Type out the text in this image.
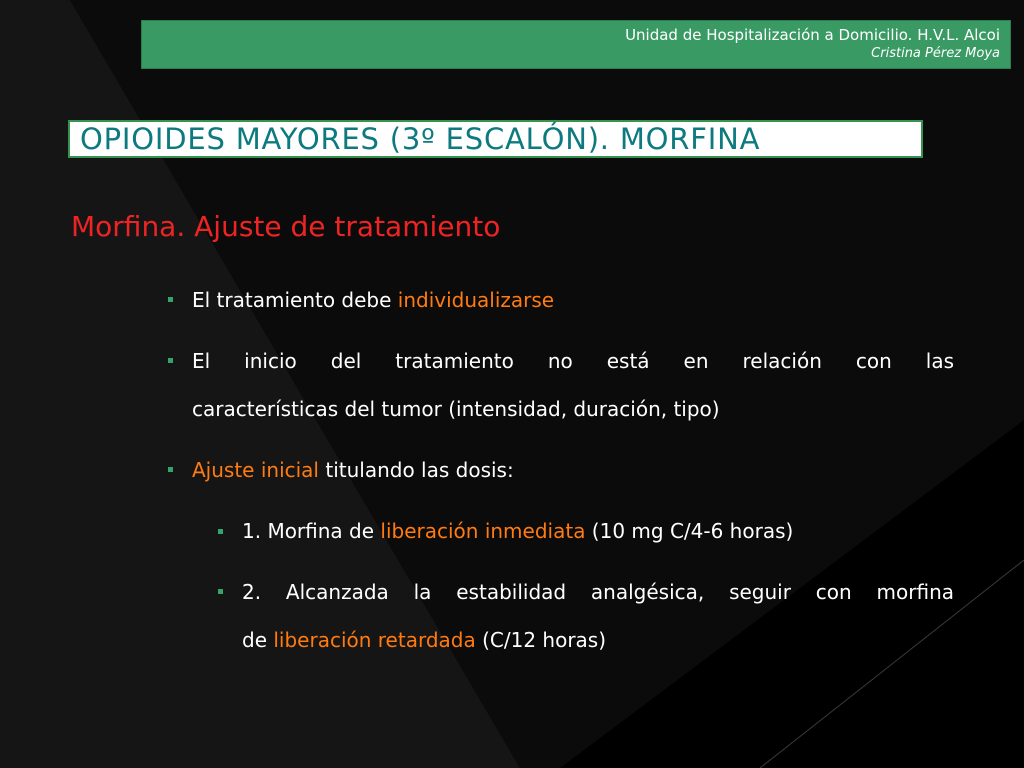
Unidad de Hospitalización a Domicilio. H.V.L. Alcoi
Cristina Pérez Moya
OPIOIDES MAYORES (3º ESCALÓN). MORFINA
Morfina. Ajuste de tratamiento
El tratamiento debe individualizarse
El inicio del tratamiento no está en relación con las
características del tumor (intensidad, duración, tipo)
Ajuste inicial titulando las dosis:
1. Morfina de liberación inmediata (10 mg C/4-6 horas)
2. Alcanzada la estabilidad analgésica, seguir con morfina
de liberación retardada (C/12 horas)
